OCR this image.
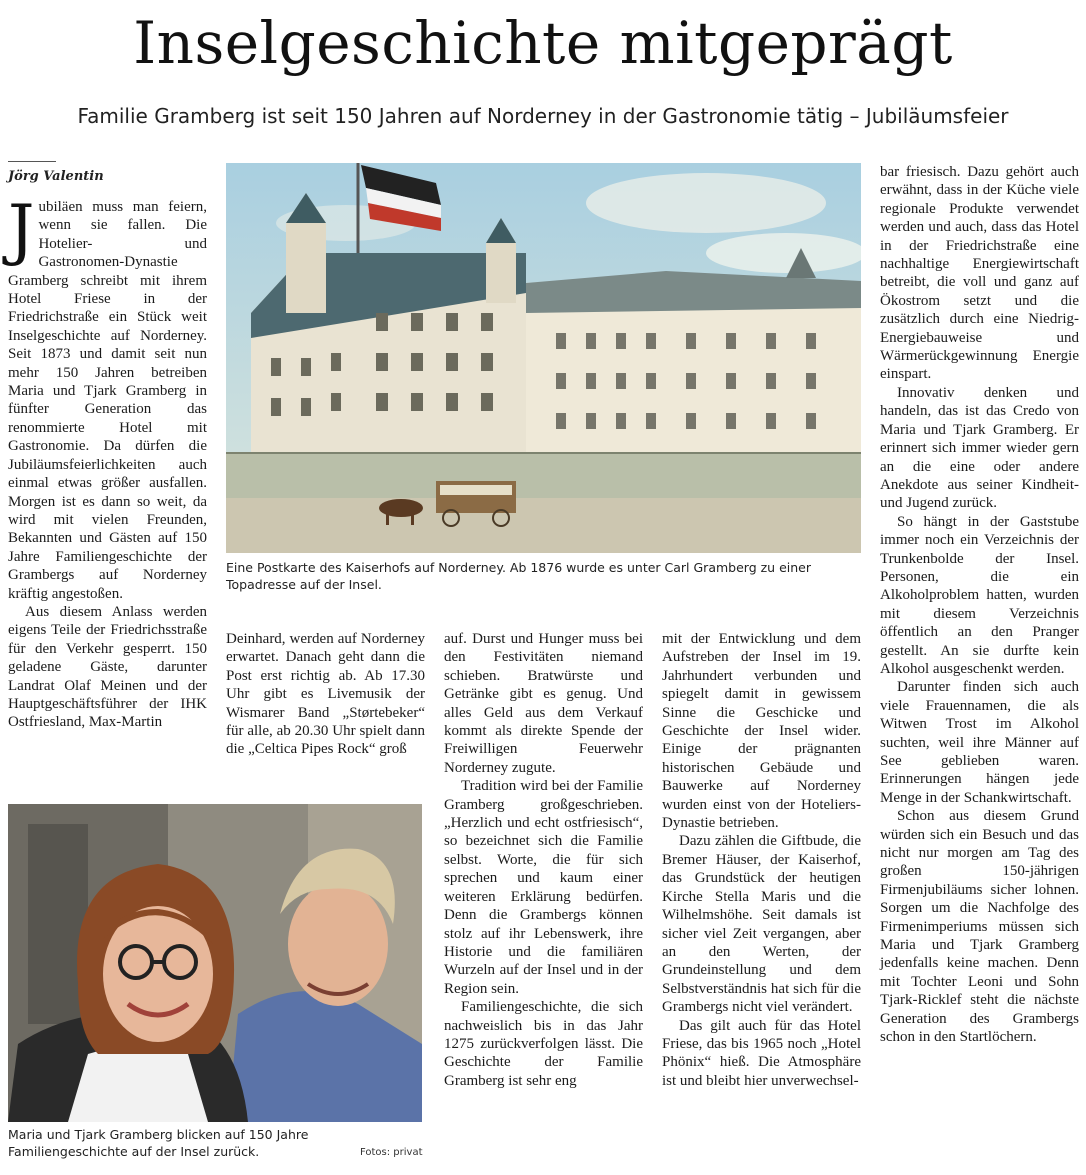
Inselgeschichte mitgeprägt
Familie Gramberg ist seit 150 Jahren auf Norderney in der Gastronomie tätig – Jubiläumsfeier
Jörg Valentin

Jubiläen muss man feiern, wenn sie fallen. Die Hotelier- und Gastronomen-Dynastie Gramberg schreibt mit ihrem Hotel Friese in der Friedrichstraße ein Stück weit Inselgeschichte auf Norderney. Seit 1873 und damit seit nun mehr 150 Jahren betreiben Maria und Tjark Gramberg in fünfter Generation das renommierte Hotel mit Gastronomie. Da dürfen die Jubiläumsfeierlichkeiten auch einmal etwas größer ausfallen. Morgen ist es dann so weit, da wird mit vielen Freunden, Bekannten und Gästen auf 150 Jahre Familiengeschichte der Grambergs auf Norderney kräftig angestoßen.

Aus diesem Anlass werden eigens Teile der Friedrichsstraße für den Verkehr gesperrt. 150 geladene Gäste, darunter Landrat Olaf Meinen und der Hauptgeschäftsführer der IHK Ostfriesland, Max-Martin

Eine Postkarte des Kaiserhofs auf Norderney. Ab 1876 wurde es unter Carl Gramberg zu einer Topadresse auf der Insel.

Deinhard, werden auf Norderney erwartet. Danach geht dann die Post erst richtig ab. Ab 17.30 Uhr gibt es Livemusik der Wismarer Band „Størtebeker“ für alle, ab 20.30 Uhr spielt dann die „Celtica Pipes Rock“ groß

auf. Durst und Hunger muss bei den Festivitäten niemand schieben. Bratwürste und Getränke gibt es genug. Und alles Geld aus dem Verkauf kommt als direkte Spende der Freiwilligen Feuerwehr Norderney zugute.

Tradition wird bei der Familie Gramberg großgeschrieben. „Herzlich und echt ostfriesisch“, so bezeichnet sich die Familie selbst. Worte, die für sich sprechen und kaum einer weiteren Erklärung bedürfen. Denn die Grambergs können stolz auf ihr Lebenswerk, ihre Historie und die familiären Wurzeln auf der Insel und in der Region sein.

Familiengeschichte, die sich nachweislich bis in das Jahr 1275 zurückverfolgen lässt. Die Geschichte der Familie Gramberg ist sehr eng

mit der Entwicklung und dem Aufstreben der Insel im 19. Jahrhundert verbunden und spiegelt damit in gewissem Sinne die Geschicke und Geschichte der Insel wider. Einige der prägnanten historischen Gebäude und Bauwerke auf Norderney wurden einst von der Hoteliers-Dynastie betrieben.

Dazu zählen die Giftbude, die Bremer Häuser, der Kaiserhof, das Grundstück der heutigen Kirche Stella Maris und die Wilhelmshöhe. Seit damals ist sicher viel Zeit vergangen, aber an den Werten, der Grundeinstellung und dem Selbstverständnis hat sich für die Grambergs nicht viel verändert.

Das gilt auch für das Hotel Friese, das bis 1965 noch „Hotel Phönix“ hieß. Die Atmosphäre ist und bleibt hier unverwechsel-

bar friesisch. Dazu gehört auch erwähnt, dass in der Küche viele regionale Produkte verwendet werden und auch, dass das Hotel in der Friedrichstraße eine nachhaltige Energiewirtschaft betreibt, die voll und ganz auf Ökostrom setzt und die zusätzlich durch eine Niedrig-Energiebauweise und Wärmerückgewinnung Energie einspart.

Innovativ denken und handeln, das ist das Credo von Maria und Tjark Gramberg. Er erinnert sich immer wieder gern an die eine oder andere Anekdote aus seiner Kindheit- und Jugend zurück.

So hängt in der Gaststube immer noch ein Verzeichnis der Trunkenbolde der Insel. Personen, die ein Alkoholproblem hatten, wurden mit diesem Verzeichnis öffentlich an den Pranger gestellt. An sie durfte kein Alkohol ausgeschenkt werden.

Darunter finden sich auch viele Frauennamen, die als Witwen Trost im Alkohol suchten, weil ihre Männer auf See geblieben waren. Erinnerungen hängen jede Menge in der Schankwirtschaft.

Schon aus diesem Grund würden sich ein Besuch und das nicht nur morgen am Tag des großen 150-jährigen Firmenjubiläums sicher lohnen. Sorgen um die Nachfolge des Firmenimperiums müssen sich Maria und Tjark Gramberg jedenfalls keine machen. Denn mit Tochter Leoni und Sohn Tjark-Ricklef steht die nächste Generation des Grambergs schon in den Startlöchern.

Maria und Tjark Gramberg blicken auf 150 Jahre Familiengeschichte auf der Insel zurück.	Fotos: privat
